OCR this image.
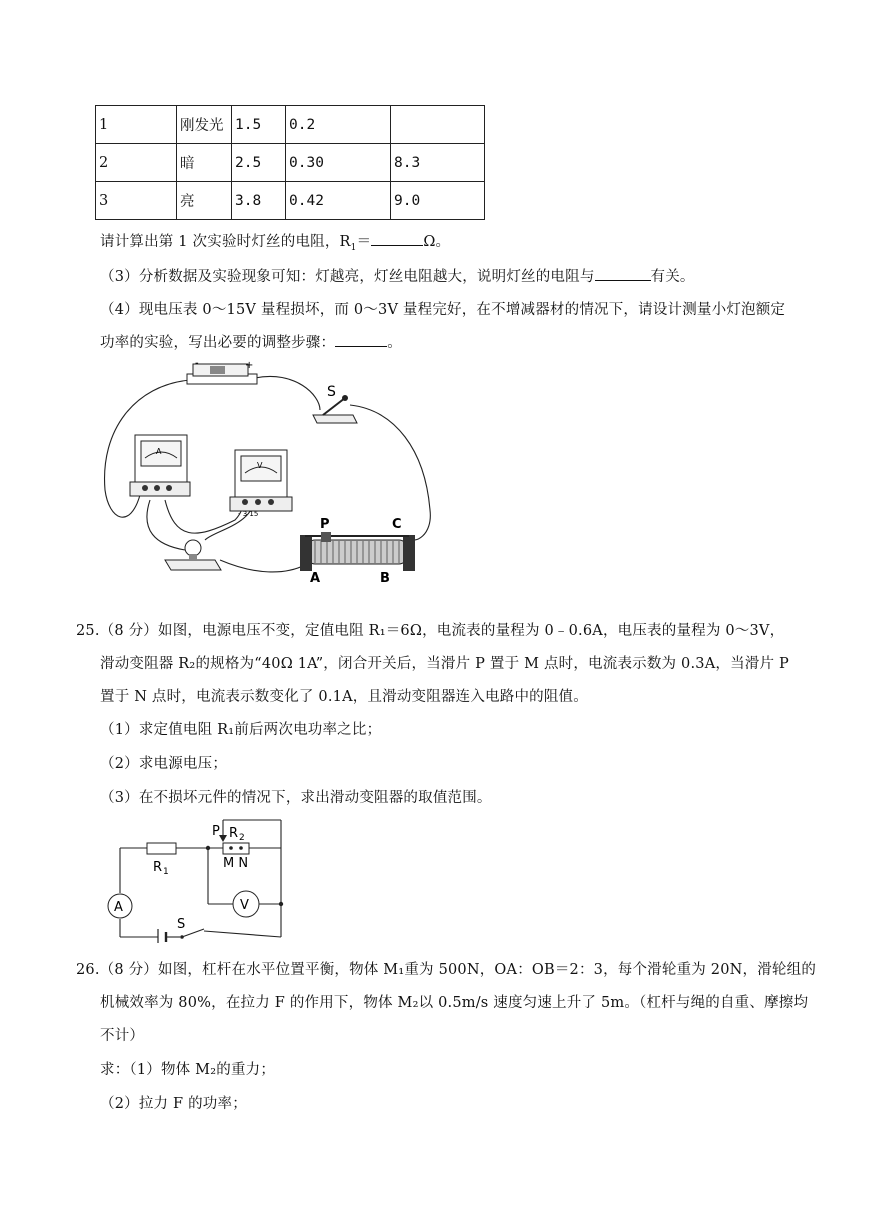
1	刚发光	1.5	0.2	
2	暗	2.5	0.30	8.3
3	亮	3.8	0.42	9.0
请计算出第 1 次实验时灯丝的电阻，$R_1=$	Ω。
（3）分析数据及实验现象可知：灯越亮，灯丝电阻越大，说明灯丝的电阻与	有关。
（4）现电压表 0～15V 量程损坏，而 0～3V 量程完好，在不增减器材的情况下，请设计测量小灯泡额定
功率的实验，写出必要的调整步骤：	。
-	+
S
A
V
- 3 15
P	C
A	B
25.（8 分）如图，电源电压不变，定值电阻 R₁＝6Ω，电流表的量程为 0﹣0.6A，电压表的量程为 0～3V，
滑动变阻器 R₂的规格为“40Ω 1A”，闭合开关后，当滑片 P 置于 M 点时，电流表示数为 0.3A，当滑片 P
置于 N 点时，电流表示数变化了 0.1A，且滑动变阻器连入电路中的阻值。
（1）求定值电阻 R₁前后两次电功率之比；
（2）求电源电压；
（3）在不损坏元件的情况下，求出滑动变阻器的取值范围。
A	V
R 1
R 2
P
M N
S
26.（8 分）如图，杠杆在水平位置平衡，物体 M₁重为 500N，OA：OB＝2：3，每个滑轮重为 20N，滑轮组的
机械效率为 80%，在拉力 F 的作用下，物体 M₂以 0.5m/s 速度匀速上升了 5m。（杠杆与绳的自重、摩擦均
不计）
求：（1）物体 M₂的重力；
（2）拉力 F 的功率；
